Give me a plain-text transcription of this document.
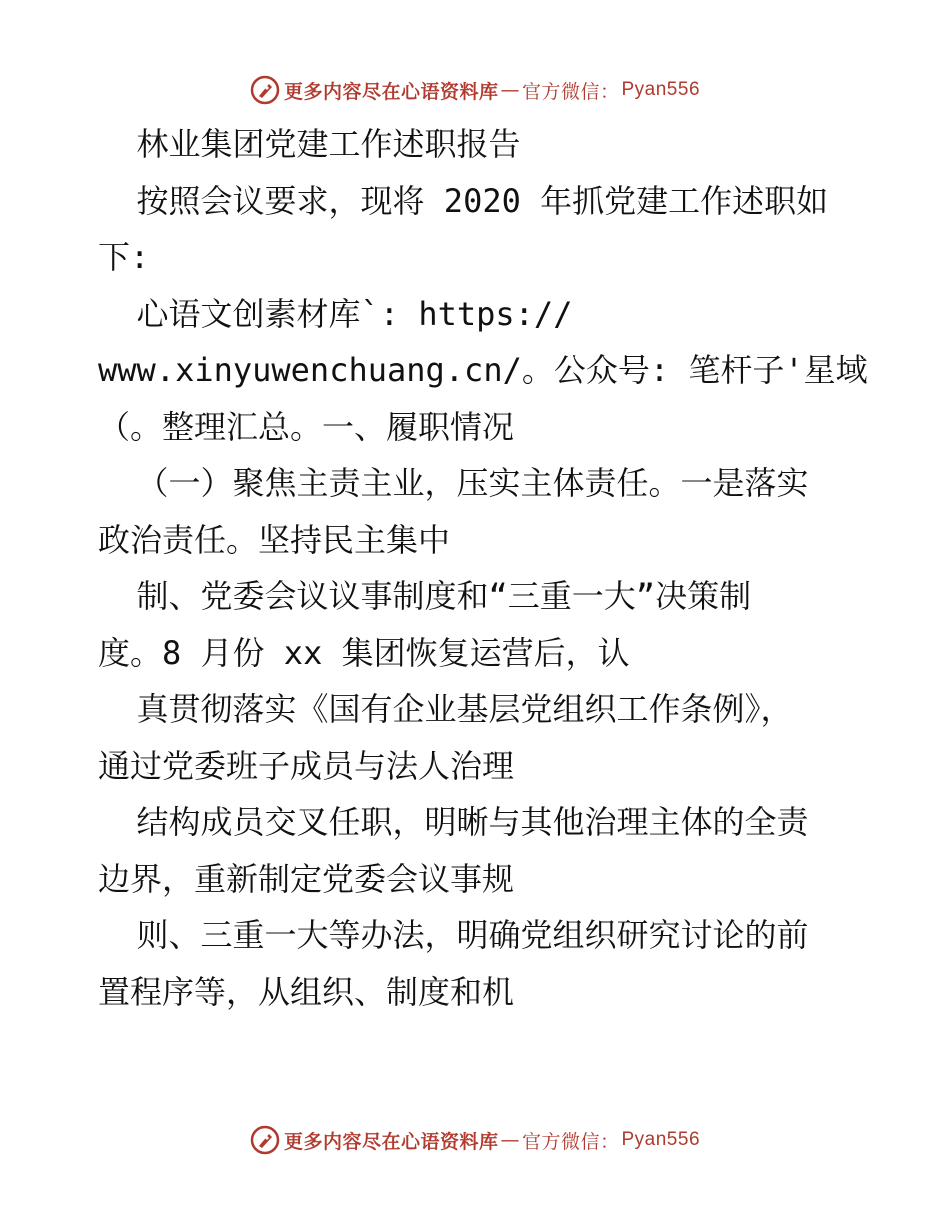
更多内容尽在心语资料库 — 官方微信： Pyan556

林业集团党建工作述职报告

按照会议要求，现将 2020 年抓党建工作述职如

下:

心语文创素材库`: https://

www.xinyuwenchuang.cn/。公众号: 笔杆子'星域

（。整理汇总。一、履职情况

（一）聚焦主责主业，压实主体责任。一是落实

政治责任。坚持民主集中

制、党委会议议事制度和“三重一大”决策制

度。8 月份 xx 集团恢复运营后，认

真贯彻落实《国有企业基层党组织工作条例》，

通过党委班子成员与法人治理

结构成员交叉任职，明晰与其他治理主体的全责

边界，重新制定党委会议事规

则、三重一大等办法，明确党组织研究讨论的前

置程序等，从组织、制度和机

更多内容尽在心语资料库 — 官方微信： Pyan556
